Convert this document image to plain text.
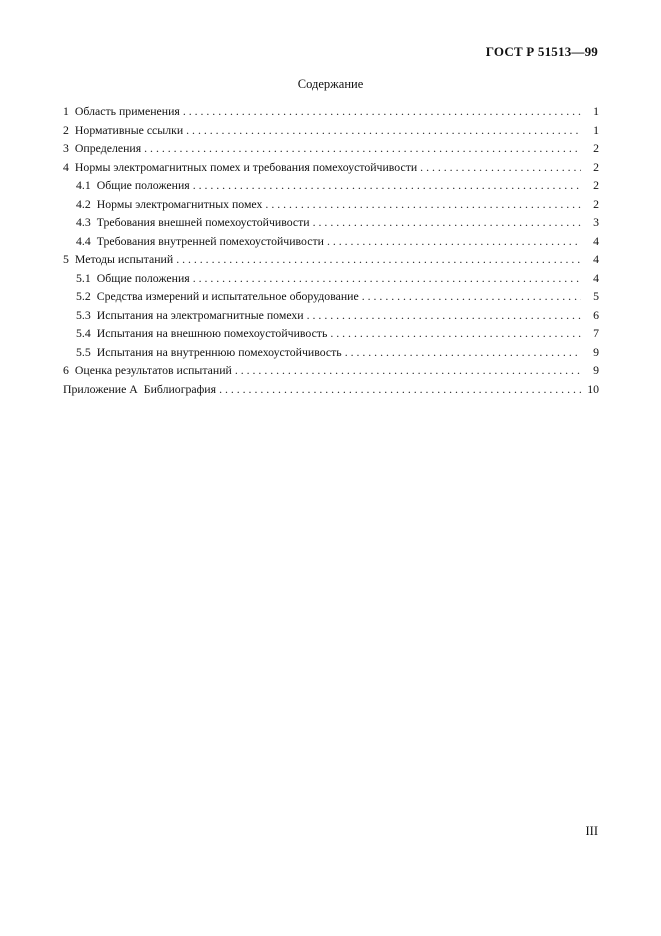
ГОСТ Р 51513—99
Содержание
1 Область применения . . .	1
2 Нормативные ссылки . . .	1
3 Определения . . .	2
4 Нормы электромагнитных помех и требования помехоустойчивости . . .	2
4.1 Общие положения . . .	2
4.2 Нормы электромагнитных помех . . .	2
4.3 Требования внешней помехоустойчивости . . .	3
4.4 Требования внутренней помехоустойчивости . . .	4
5 Методы испытаний . . .	4
5.1 Общие положения . . .	4
5.2 Средства измерений и испытательное оборудование . . .	5
5.3 Испытания на электромагнитные помехи . . .	6
5.4 Испытания на внешнюю помехоустойчивость . . .	7
5.5 Испытания на внутреннюю помехоустойчивость . . .	9
6 Оценка результатов испытаний . . .	9
Приложение А Библиография . . .	10
III
